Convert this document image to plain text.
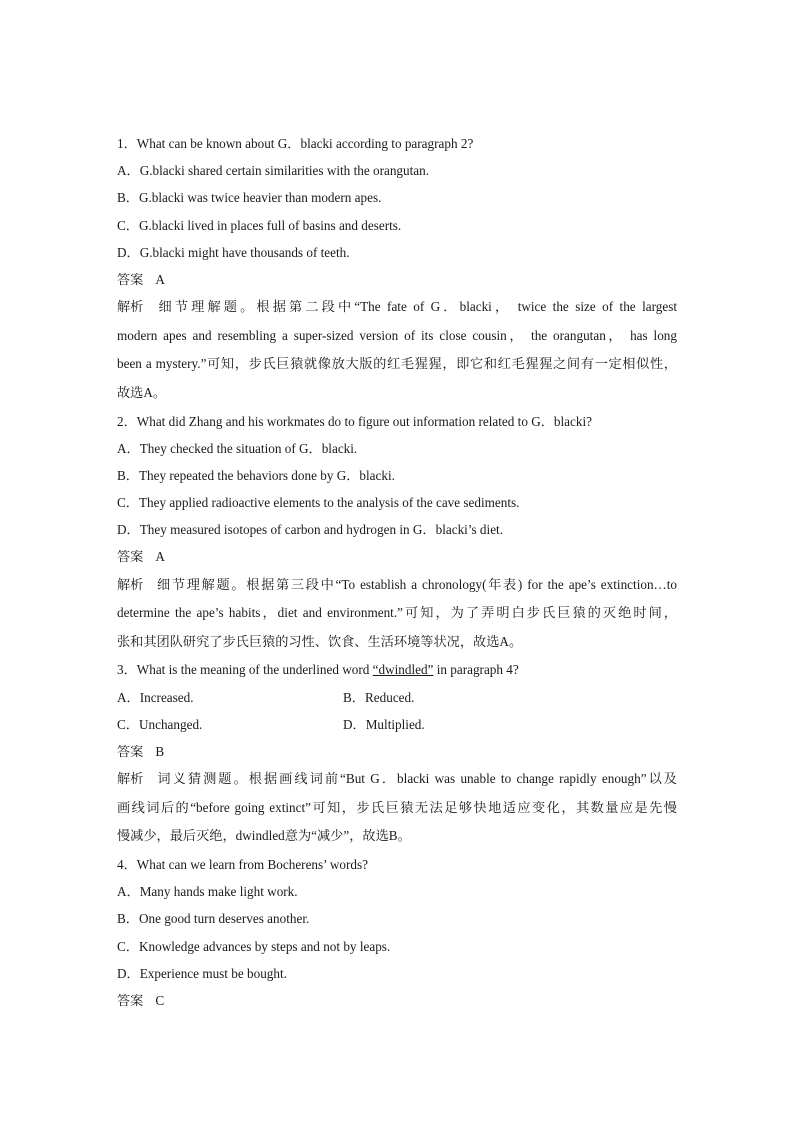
1．What can be known about G．blacki according to paragraph 2?
A．G.blacki shared certain similarities with the orangutan.
B．G.blacki was twice heavier than modern apes.
C．G.blacki lived in places full of basins and deserts.
D．G.blacki might have thousands of teeth.
答案 A
解析 细节理解题。根据第二段中“The fate of G．blacki， twice the size of the largest
modern apes and resembling a super-sized version of its close cousin， the orangutan， has long
been a mystery.”可知，步氏巨猿就像放大版的红毛猩猩，即它和红毛猩猩之间有一定相似性，
故选A。
2．What did Zhang and his workmates do to figure out information related to G．blacki?
A．They checked the situation of G．blacki.
B．They repeated the behaviors done by G．blacki.
C．They applied radioactive elements to the analysis of the cave sediments.
D．They measured isotopes of carbon and hydrogen in G．blacki’s diet.
答案 A
解析 细节理解题。根据第三段中“To establish a chronology(年表) for the ape’s extinction…to
determine the ape’s habits，diet and environment.”可知，为了弄明白步氏巨猿的灭绝时间，
张和其团队研究了步氏巨猿的习性、饮食、生活环境等状况，故选A。
3．What is the meaning of the underlined word “dwindled” in paragraph 4?
A．Increased.	B．Reduced.
C．Unchanged.	D．Multiplied.
答案 B
解析 词义猜测题。根据画线词前“But G．blacki was unable to change rapidly enough”以及
画线词后的“before going extinct”可知，步氏巨猿无法足够快地适应变化，其数量应是先慢
慢减少，最后灭绝，dwindled意为“减少”，故选B。
4．What can we learn from Bocherens’ words?
A．Many hands make light work.
B．One good turn deserves another.
C．Knowledge advances by steps and not by leaps.
D．Experience must be bought.
答案 C
